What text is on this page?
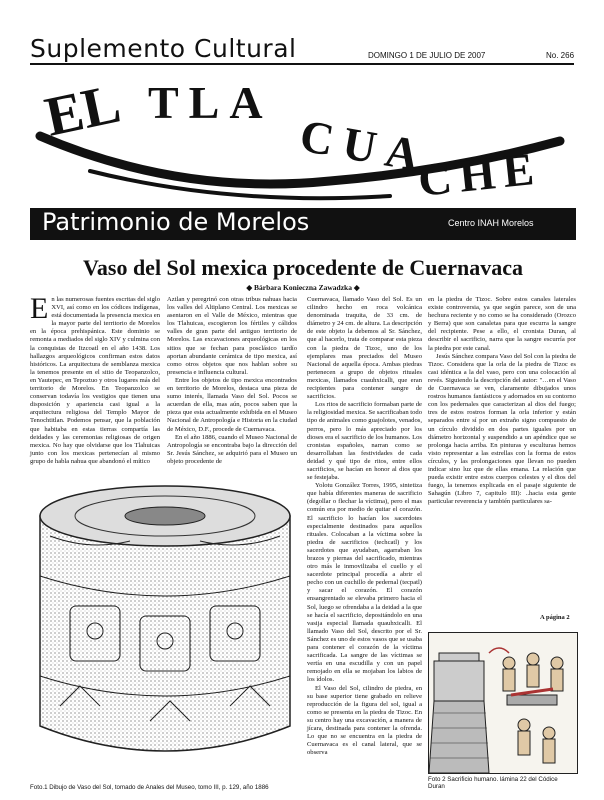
Suplemento Cultural	DOMINGO 1 DE JULIO DE 2007	No. 266
EL TLA
CUA
CHE
Patrimonio de Morelos	Centro INAH Morelos
Vaso del Sol mexica procedente de Cuernavaca
◆ Bárbara Konieczna Zawadzka ◆
E n las numerosas fuentes escritas del siglo XVI, así como en los códices indígenas, está documentada la presencia mexica en la mayor parte del territorio de Morelos en la época prehispánica. Este dominio se remonta a mediados del siglo XIV y culmina con la conquistas de Itzcoatl en el año 1438. Los hallazgos arqueológicos confirman estos datos históricos. La arquitectura de semblanza mexica la tenemos presente en el sitio de Teopanzolco, en Yautepec, en Tepoztuo y otros lugares más del territorio de Morelos. En Teopanzolco se conservan todavía los vestigios que tienen una disposición y apariencia casi igual a la arquitectura religiosa del Templo Mayor de Tenochtitlan. Podemos pensar, que la población que habitaba en estas tierras compartía las deidades y las ceremonias religiosas de origen mexica. No hay que olvidarse que los Tlahuicas junto con los mexicas pertenecían al mismo grupo de habla nahua que abandonó el mítico

Aztlan y peregrinó con otras tribus nahuas hacia los valles del Altiplano Central. Los mexicas se asentaron en el Valle de México, mientras que los Tlahuicas, escogieron los fértiles y cálidos valles de gran parte del antiguo territorio de Morelos. Las excavaciones arqueológicas en los sitios que se fechan para posclásico tardío aportan abundante cerámica de tipo mexica, así como otros objetos que nos hablan sobre su presencia e influencia cultural.

Entre los objetos de tipo mexica encontrados en territorio de Morelos, destaca una pieza de sumo interés, llamada Vaso del Sol. Pocos se acuerdan de ella, mas aún, pocos saben que la pieza que esta actualmente exhibida en el Museo Nacional de Antropología e Historia en la ciudad de México, D.F., procede de Cuernavaca.

En el año 1886, cuando el Museo Nacional de Antropología se encontraba bajo la dirección del Sr. Jesús Sánchez, se adquirió para el Museo un objeto procedente de

Foto.1 Dibujo de Vaso del Sol, tomado de Anales del Museo, tomo III, p. 129, año 1886

Cuernavaca, llamado Vaso del Sol. Es un cilindro hecho en roca volcánica denominada traquita, de 33 cm. de diámetro y 24 cm. de altura. La descripción de este objeto la debemos al Sr. Sánchez, que al hacerlo, trata de comparar esta pieza con la piedra de Tizoc, uno de los ejemplares mas preciados del Museo Nacional de aquella época. Ambas piedras pertenecen a grupo de objetos rituales mexicas, llamados cuauhxicalli, que eran recipientes para contener sangre de sacrificios.

Los ritos de sacrificio formaban parte de la religiosidad mexica. Se sacrificaban todo tipo de animales como guajolotes, venados, perros, pero lo más apreciado por los dioses era el sacrificio de los humanos. Los cronistas españoles, narran como se desarrollaban las festividades de cada deidad y qué tipo de ritos, entre ellos sacrificios, se hacían en honor al dios que se festejaba.

Yolotu González Torres, 1995, sintetiza que había diferentes maneras de sacrificio (degollar o flechar la víctima), pero el mas común era por medio de quitar el corazón. El sacrificio lo hacían los sacerdotes especialmente destinados para aquellos rituales. Colocaban a la víctima sobre la piedra de sacrificios (techcatl) y los sacerdotes que ayudaban, agarraban los brazos y piernas del sacrificado, mientras otro más le inmovilizaba el cuello y el sacerdote principal procedía a abrir el pecho con un cuchillo de pedernal (tecpatl) y sacar el corazón. El corazón ensangrentado se elevaba primero hacia el Sol, luego se ofrendaba a la deidad a la que se hacía el sacrificio, depositándolo en una vasija especial llamada quauhxicalli. El llamado Vaso del Sol, descrito por el Sr. Sánchez es uno de estos vasos que se usaba para contener el corazón de la víctima sacrificada. La sangre de las víctimas se vertía en una escudilla y con un papel remojado en ella se mojaban los labios de los ídolos.

El Vaso del Sol, cilindro de piedra, en su base superior tiene grabado en relieve reproducción de la figura del sol, igual a como se presenta en la piedra de Tizoc. En su centro hay una excavación, a manera de jícara, destinada para contener la ofrenda. Lo que no se encuentra en la piedra de Cuernavaca es el canal lateral, que se observa

en la piedra de Tizoc. Sobre estos canales laterales existe controversia, ya que según parece, son de una hechura reciente y no como se ha considerado (Orozco y Berra) que son canaletas para que escurra la sangre del recipiente. Pese a ello, el cronista Duran, al describir el sacrificio, narra que la sangre escurría por la piedra por este canal.

Jesús Sánchez compara Vaso del Sol con la piedra de Tizoc. Considera que la orla de la piedra de Tizoc es casi idéntica a la del vaso, pero con una colocación al revés. Siguiendo la descripción del autor: "…en el Vaso de Cuernavaca se ven, claramente dibujados unos rostros humanos fantásticos y adornados en su contorno con los pedernales que caracterizan al dios del fuego; tres de estos rostros forman la orla inferior y están separados entre sí por un extraño signo compuesto de un círculo dividido en dos partes iguales por un diámetro horizontal y suspendido a un apéndice que se prolonga hacia arriba. En pinturas y esculturas hemos visto representar a las estrellas con la forma de estos círculos, y las prolongaciones que llevan no pueden indicar sino luz que de ellas emana. La relación que pueda existir entre estos cuerpos celestes y el dios del fuego, la tenemos explicada en el pasaje siguiente de Sahagún (Libro 7, capitulo III): ..hacia esta gente particular reverencia y también particulares sa-

A página 2
Foto 2 Sacrificio humano. lámina 22 del Códice Duran
